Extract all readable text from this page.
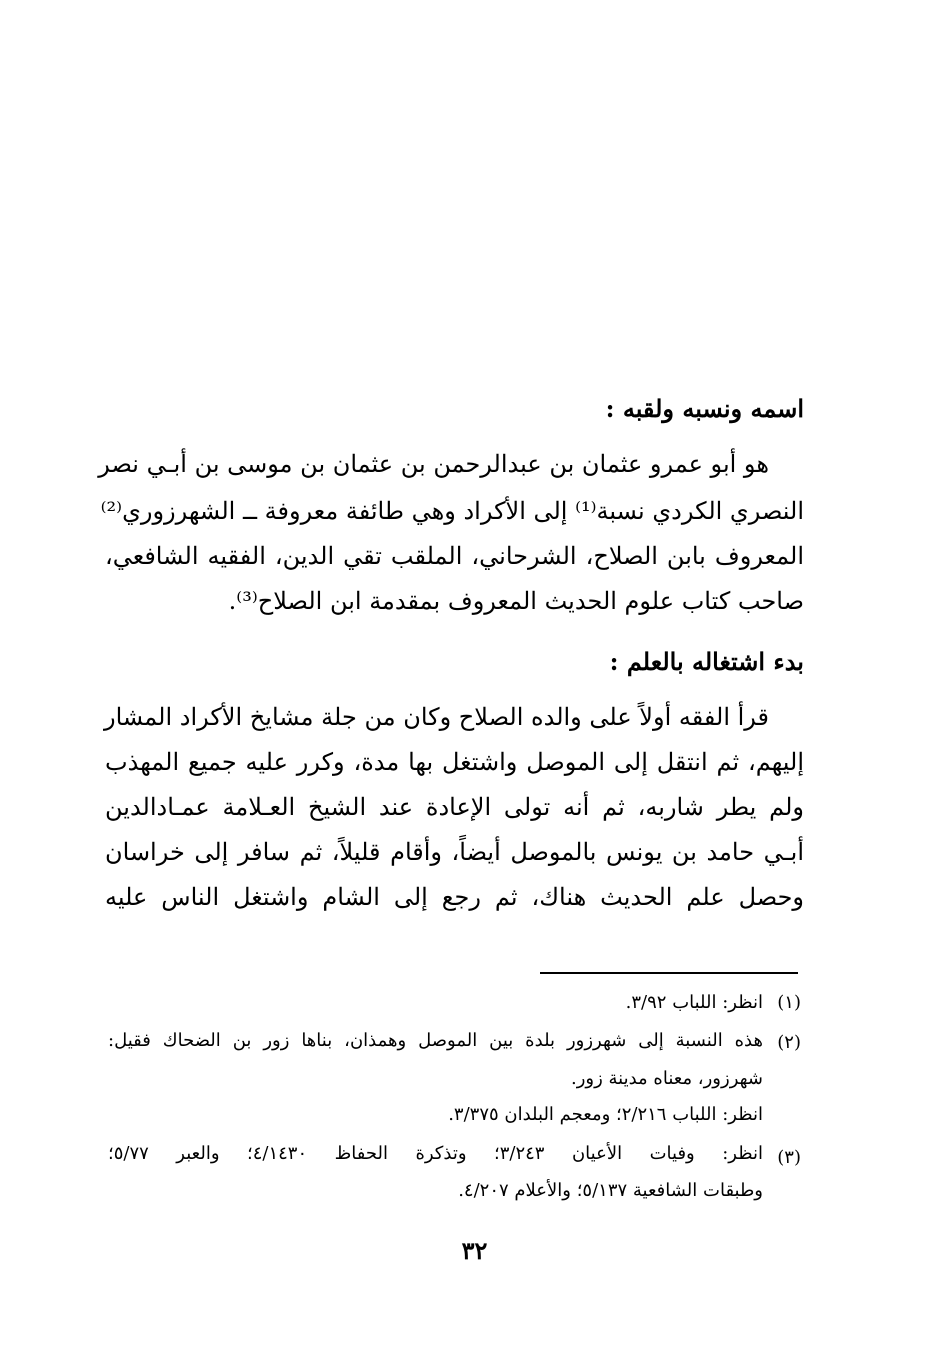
اسمه ونسبه ولقبه :
هو أبو عمرو عثمان بن عبدالرحمن بن عثمان بن موسى بن أبـي نصر
النصري الكردي نسبة⁽¹⁾ إلى الأكراد وهي طائفة معروفة ــ الشهرزوري⁽²⁾
المعروف بابن الصلاح، الشرحاني، الملقب تقي الدين، الفقيه الشافعي،
صاحب كتاب علوم الحديث المعروف بمقدمة ابن الصلاح⁽³⁾.
بدء اشتغاله بالعلم :
قرأ الفقه أولاً على والده الصلاح وكان من جلة مشايخ الأكراد المشار
إليهم، ثم انتقل إلى الموصل واشتغل بها مدة، وكرر عليه جميع المهذب
ولم يطر شاربه، ثم أنه تولى الإعادة عند الشيخ العـلامة عمـادالدين
أبـي حامد بن يونس بالموصل أيضاً، وأقام قليلاً، ثم سافر إلى خراسان
وحصل علم الحديث هناك، ثم رجع إلى الشام واشتغل الناس عليه
(١)
انظر: اللباب ٣/٩٢.
(٢)
هذه النسبة إلى شهرزور بلدة بين الموصل وهمذان، بناها زور بن الضحاك فقيل:
شهرزور، معناه مدينة زور.
انظر: اللباب ٢/٢١٦؛ ومعجم البلدان ٣/٣٧٥.
(٣)
انظر: وفيات الأعيان ٣/٢٤٣؛ وتذكرة الحفاظ ٤/١٤٣٠؛ والعبر ٥/٧٧؛
وطبقات الشافعية ٥/١٣٧؛ والأعلام ٤/٢٠٧.
٣٢
